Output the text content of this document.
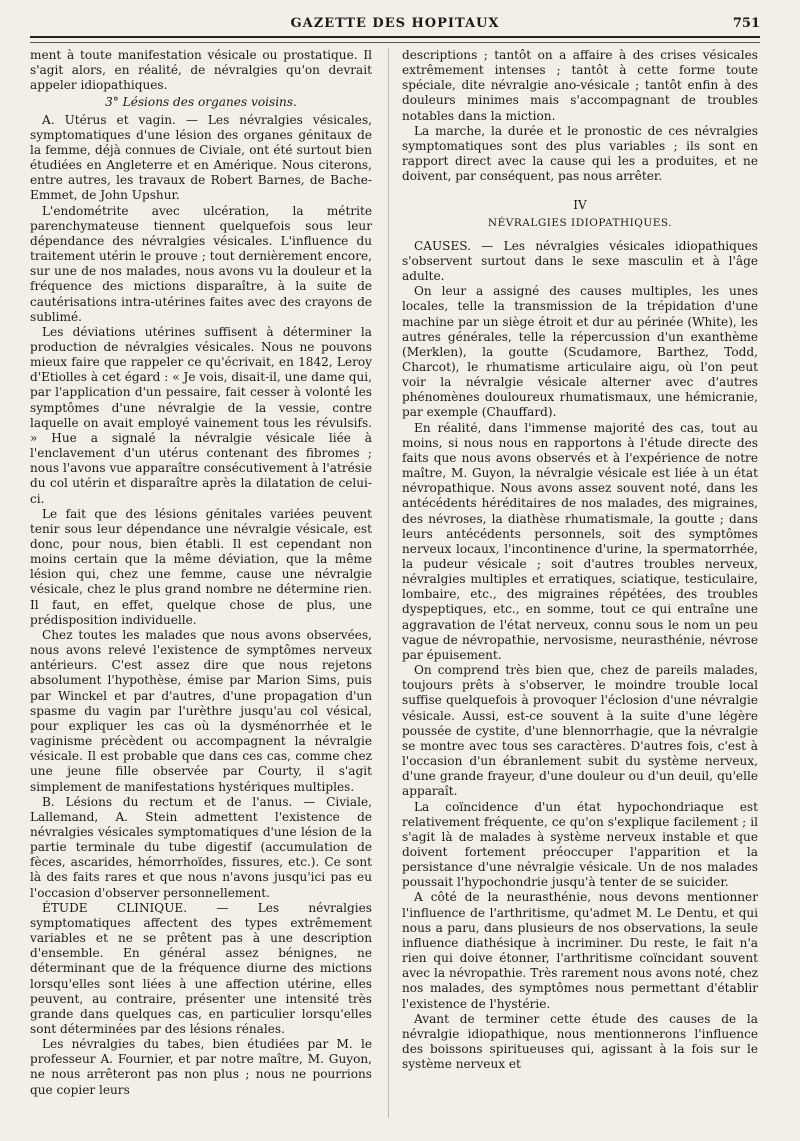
GAZETTE DES HOPITAUX	751

ment à toute manifestation vésicale ou prostatique. Il s'agit alors, en réalité, de névralgies qu'on devrait appeler idiopathiques.

3° Lésions des organes voisins.

A. Utérus et vagin. — Les névralgies vésicales, symptomatiques d'une lésion des organes génitaux de la femme, déjà connues de Civiale, ont été surtout bien étudiées en Angleterre et en Amérique. Nous citerons, entre autres, les travaux de Robert Barnes, de Bache-Emmet, de John Upshur.

L'endométrite avec ulcération, la métrite parenchymateuse tiennent quelquefois sous leur dépendance des névralgies vésicales. L'influence du traitement utérin le prouve ; tout dernièrement encore, sur une de nos malades, nous avons vu la douleur et la fréquence des mictions disparaître, à la suite de cautérisations intra-utérines faites avec des crayons de sublimé.

Les déviations utérines suffisent à déterminer la production de névralgies vésicales. Nous ne pouvons mieux faire que rappeler ce qu'écrivait, en 1842, Leroy d'Etiolles à cet égard : « Je vois, disait-il, une dame qui, par l'application d'un pessaire, fait cesser à volonté les symptômes d'une névralgie de la vessie, contre laquelle on avait employé vainement tous les révulsifs. » Hue a signalé la névralgie vésicale liée à l'enclavement d'un utérus contenant des fibromes ; nous l'avons vue apparaître consécutivement à l'atrésie du col utérin et disparaître après la dilatation de celui-ci.

Le fait que des lésions génitales variées peuvent tenir sous leur dépendance une névralgie vésicale, est donc, pour nous, bien établi. Il est cependant non moins certain que la même déviation, que la même lésion qui, chez une femme, cause une névralgie vésicale, chez le plus grand nombre ne détermine rien. Il faut, en effet, quelque chose de plus, une prédisposition individuelle.

Chez toutes les malades que nous avons observées, nous avons relevé l'existence de symptômes nerveux antérieurs. C'est assez dire que nous rejetons absolument l'hypothèse, émise par Marion Sims, puis par Winckel et par d'autres, d'une propagation d'un spasme du vagin par l'urèthre jusqu'au col vésical, pour expliquer les cas où la dysménorrhée et le vaginisme précèdent ou accompagnent la névralgie vésicale. Il est probable que dans ces cas, comme chez une jeune fille observée par Courty, il s'agit simplement de manifestations hystériques multiples.

B. Lésions du rectum et de l'anus. — Civiale, Lallemand, A. Stein admettent l'existence de névralgies vésicales symptomatiques d'une lésion de la partie terminale du tube digestif (accumulation de fèces, ascarides, hémorrhoïdes, fissures, etc.). Ce sont là des faits rares et que nous n'avons jusqu'ici pas eu l'occasion d'observer personnellement.

ÉTUDE CLINIQUE. — Les névralgies symptomatiques affectent des types extrêmement variables et ne se prêtent pas à une description d'ensemble. En général assez bénignes, ne déterminant que de la fréquence diurne des mictions lorsqu'elles sont liées à une affection utérine, elles peuvent, au contraire, présenter une intensité très grande dans quelques cas, en particulier lorsqu'elles sont déterminées par des lésions rénales.

Les névralgies du tabes, bien étudiées par M. le professeur A. Fournier, et par notre maître, M. Guyon, ne nous arrêteront pas non plus ; nous ne pourrions que copier leurs

descriptions ; tantôt on a affaire à des crises vésicales extrêmement intenses ; tantôt à cette forme toute spéciale, dite névralgie ano-vésicale ; tantôt enfin à des douleurs minimes mais s'accompagnant de troubles notables dans la miction.

La marche, la durée et le pronostic de ces névralgies symptomatiques sont des plus variables ; ils sont en rapport direct avec la cause qui les a produites, et ne doivent, par conséquent, pas nous arrêter.

IV

NÉVRALGIES IDIOPATHIQUES.

CAUSES. — Les névralgies vésicales idiopathiques s'observent surtout dans le sexe masculin et à l'âge adulte.

On leur a assigné des causes multiples, les unes locales, telle la transmission de la trépidation d'une machine par un siège étroit et dur au périnée (White), les autres générales, telle la répercussion d'un exanthème (Merklen), la goutte (Scudamore, Barthez, Todd, Charcot), le rhumatisme articulaire aigu, où l'on peut voir la névralgie vésicale alterner avec d'autres phénomènes douloureux rhumatismaux, une hémicranie, par exemple (Chauffard).

En réalité, dans l'immense majorité des cas, tout au moins, si nous nous en rapportons à l'étude directe des faits que nous avons observés et à l'expérience de notre maître, M. Guyon, la névralgie vésicale est liée à un état névropathique. Nous avons assez souvent noté, dans les antécédents héréditaires de nos malades, des migraines, des névroses, la diathèse rhumatismale, la goutte ; dans leurs antécédents personnels, soit des symptômes nerveux locaux, l'incontinence d'urine, la spermatorrhée, la pudeur vésicale ; soit d'autres troubles nerveux, névralgies multiples et erratiques, sciatique, testiculaire, lombaire, etc., des migraines répétées, des troubles dyspeptiques, etc., en somme, tout ce qui entraîne une aggravation de l'état nerveux, connu sous le nom un peu vague de névropathie, nervosisme, neurasthénie, névrose par épuisement.

On comprend très bien que, chez de pareils malades, toujours prêts à s'observer, le moindre trouble local suffise quelquefois à provoquer l'éclosion d'une névralgie vésicale. Aussi, est-ce souvent à la suite d'une légère poussée de cystite, d'une blennorrhagie, que la névralgie se montre avec tous ses caractères. D'autres fois, c'est à l'occasion d'un ébranlement subit du système nerveux, d'une grande frayeur, d'une douleur ou d'un deuil, qu'elle apparaît.

La coïncidence d'un état hypochondriaque est relativement fréquente, ce qu'on s'explique facilement ; il s'agit là de malades à système nerveux instable et que doivent fortement préoccuper l'apparition et la persistance d'une névralgie vésicale. Un de nos malades poussait l'hypochondrie jusqu'à tenter de se suicider.

A côté de la neurasthénie, nous devons mentionner l'influence de l'arthritisme, qu'admet M. Le Dentu, et qui nous a paru, dans plusieurs de nos observations, la seule influence diathésique à incriminer. Du reste, le fait n'a rien qui doive étonner, l'arthritisme coïncidant souvent avec la névropathie. Très rarement nous avons noté, chez nos malades, des symptômes nous permettant d'établir l'existence de l'hystérie.

Avant de terminer cette étude des causes de la névralgie idiopathique, nous mentionnerons l'influence des boissons spiritueuses qui, agissant à la fois sur le système nerveux et
